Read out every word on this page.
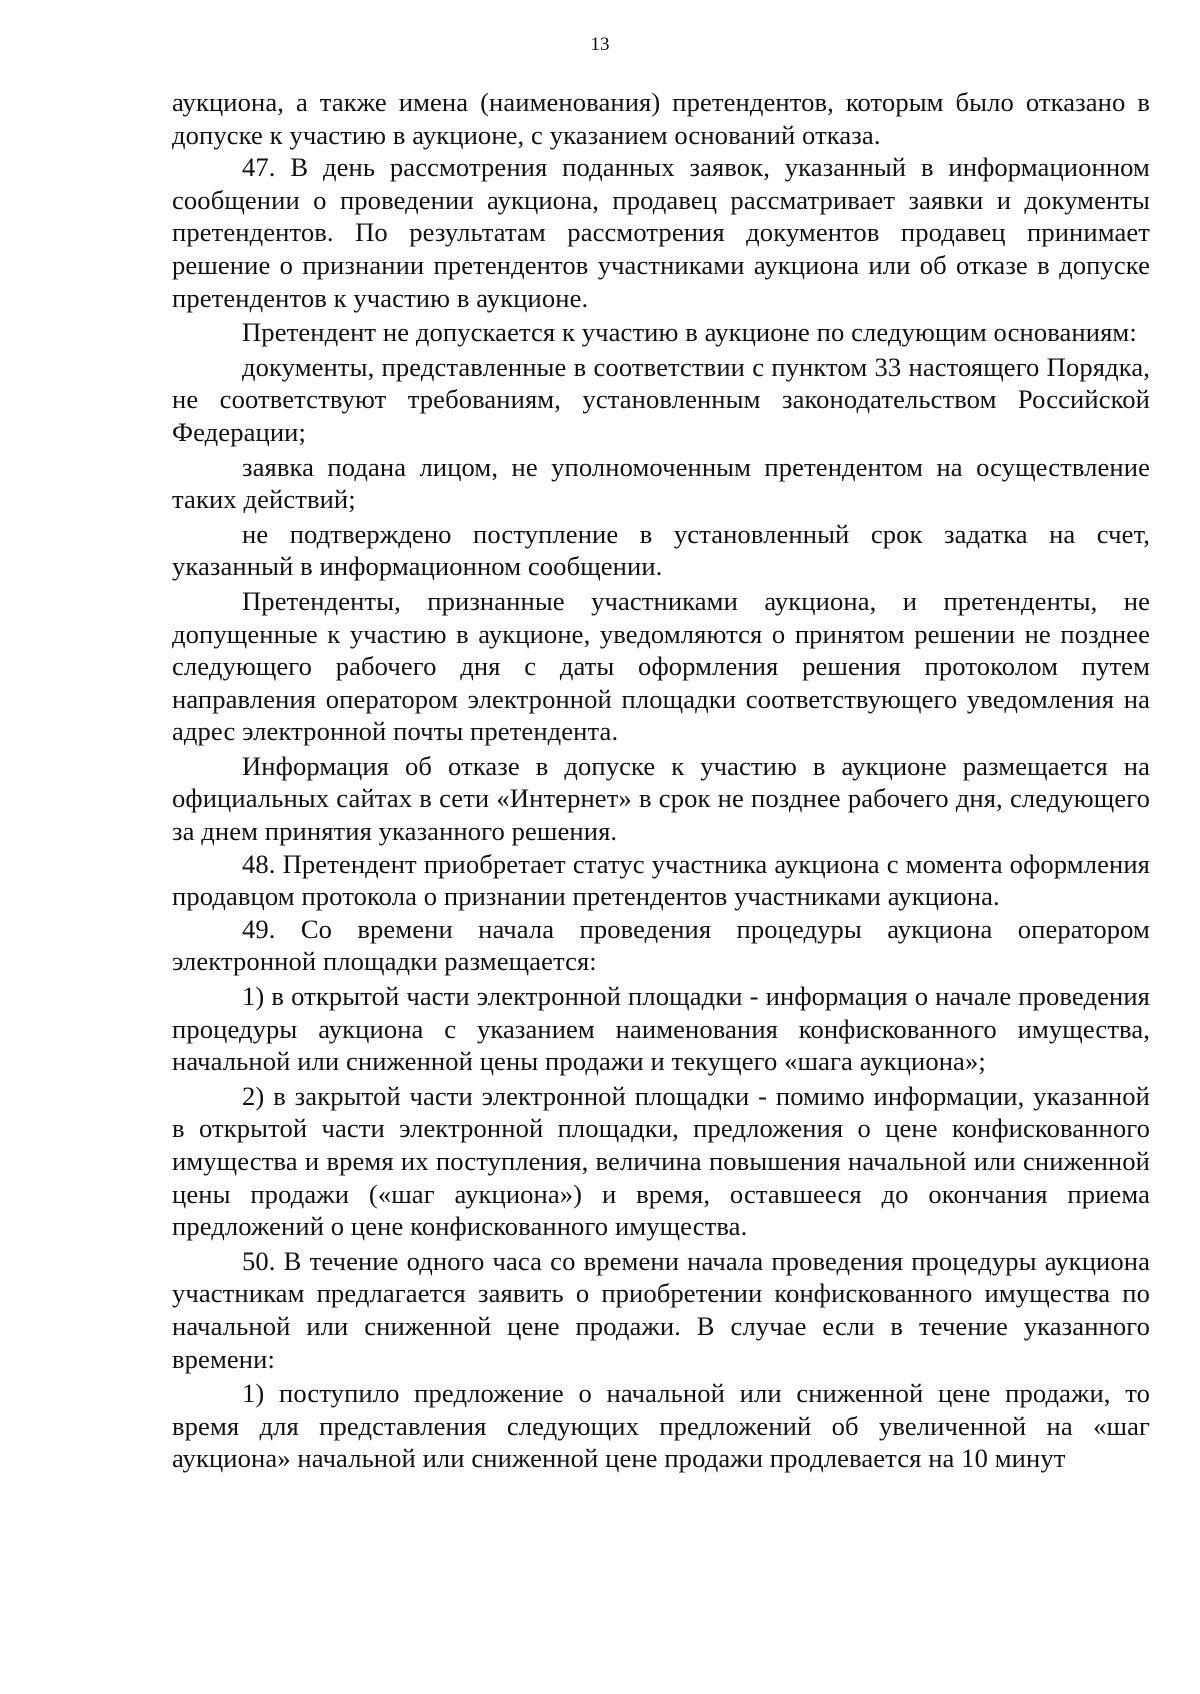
13

аукциона, а также имена (наименования) претендентов, которым было отказано в допуске к участию в аукционе, с указанием оснований отказа.

47. В день рассмотрения поданных заявок, указанный в информационном сообщении о проведении аукциона, продавец рассматривает заявки и документы претендентов. По результатам рассмотрения документов продавец принимает решение о признании претендентов участниками аукциона или об отказе в допуске претендентов к участию в аукционе.

Претендент не допускается к участию в аукционе по следующим основаниям:

документы, представленные в соответствии с пунктом 33 настоящего Порядка, не соответствуют требованиям, установленным законодательством Российской Федерации;

заявка подана лицом, не уполномоченным претендентом на осуществление таких действий;

не подтверждено поступление в установленный срок задатка на счет, указанный в информационном сообщении.

Претенденты, признанные участниками аукциона, и претенденты, не допущенные к участию в аукционе, уведомляются о принятом решении не позднее следующего рабочего дня с даты оформления решения протоколом путем направления оператором электронной площадки соответствующего уведомления на адрес электронной почты претендента.

Информация об отказе в допуске к участию в аукционе размещается на официальных сайтах в сети «Интернет» в срок не позднее рабочего дня, следующего за днем принятия указанного решения.

48. Претендент приобретает статус участника аукциона с момента оформления продавцом протокола о признании претендентов участниками аукциона.

49. Со времени начала проведения процедуры аукциона оператором электронной площадки размещается:

1) в открытой части электронной площадки - информация о начале проведения процедуры аукциона с указанием наименования конфискованного имущества, начальной или сниженной цены продажи и текущего «шага аукциона»;

2) в закрытой части электронной площадки - помимо информации, указанной в открытой части электронной площадки, предложения о цене конфискованного имущества и время их поступления, величина повышения начальной или сниженной цены продажи («шаг аукциона») и время, оставшееся до окончания приема предложений о цене конфискованного имущества.

50. В течение одного часа со времени начала проведения процедуры аукциона участникам предлагается заявить о приобретении конфискованного имущества по начальной или сниженной цене продажи. В случае если в течение указанного времени:

1) поступило предложение о начальной или сниженной цене продажи, то время для представления следующих предложений об увеличенной на «шаг аукциона» начальной или сниженной цене продажи продлевается на 10 минут
